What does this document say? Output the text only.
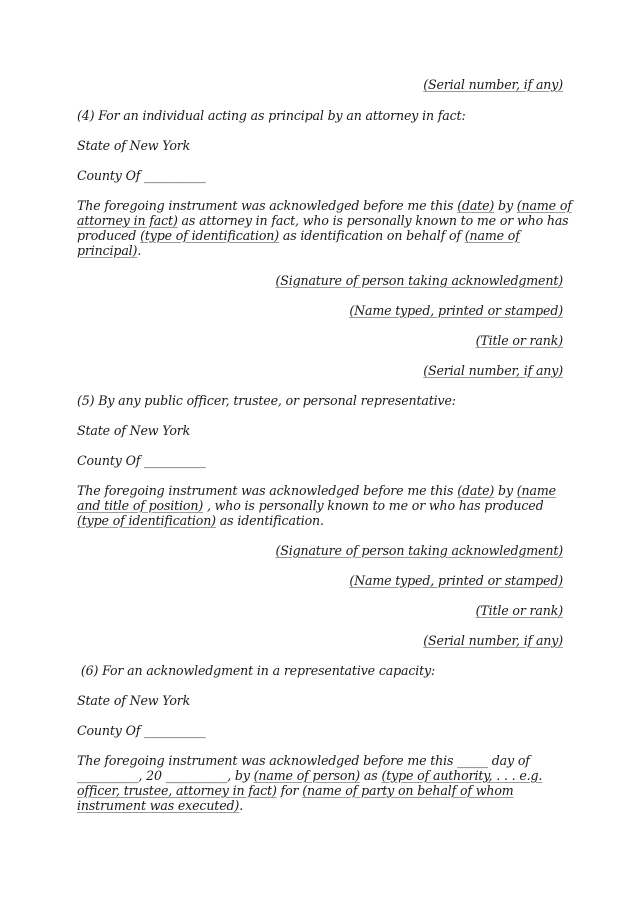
(Serial number, if any)
(4) For an individual acting as principal by an attorney in fact:
State of New York
County Of __________
The foregoing instrument was acknowledged before me this (date) by (name of
attorney in fact) as attorney in fact, who is personally known to me or who has
produced (type of identification) as identification on behalf of (name of
principal).
(Signature of person taking acknowledgment)
(Name typed, printed or stamped)
(Title or rank)
(Serial number, if any)
(5) By any public officer, trustee, or personal representative:
State of New York
County Of __________
The foregoing instrument was acknowledged before me this (date) by (name
and title of position) , who is personally known to me or who has produced
(type of identification) as identification.
(Signature of person taking acknowledgment)
(Name typed, printed or stamped)
(Title or rank)
(Serial number, if any)
(6) For an acknowledgment in a representative capacity:
State of New York
County Of __________
The foregoing instrument was acknowledged before me this _____ day of
__________, 20 __________, by (name of person) as (type of authority, . . . e.g.
officer, trustee, attorney in fact) for (name of party on behalf of whom
instrument was executed).
